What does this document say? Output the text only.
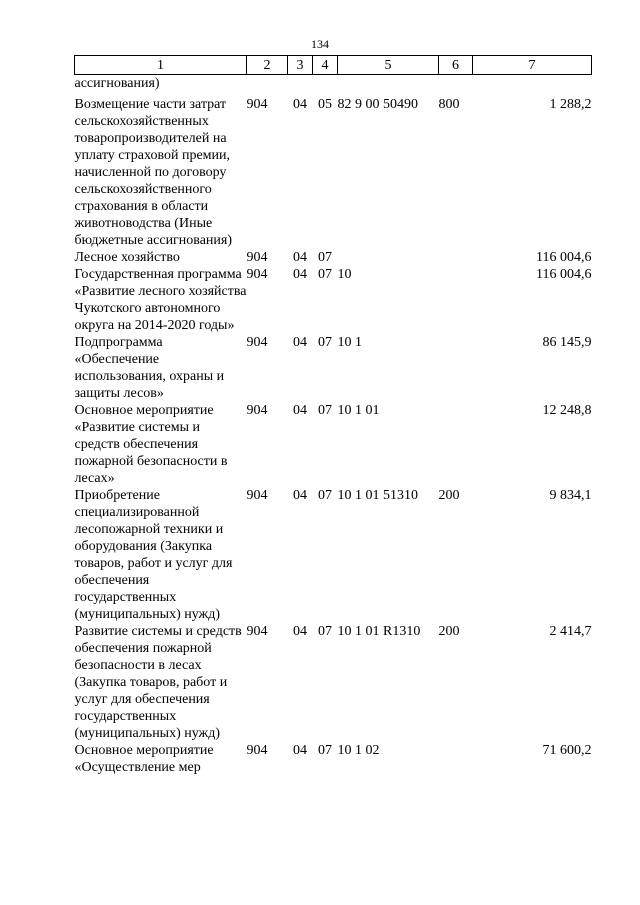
134
1	2	3	4	5	6	7
ассигнования)						
Возмещение части затрат сельскохозяйственных товаропроизводителей на уплату страховой премии, начисленной по договору сельскохозяйственного страхования в области животноводства (Иные бюджетные ассигнования)	904	04	05	82 9 00 50490	800	1 288,2
Лесное хозяйство	904	04	07			116 004,6
Государственная программа «Развитие лесного хозяйства Чукотского автономного округа на 2014-2020 годы»	904	04	07	10		116 004,6
Подпрограмма «Обеспечение использования, охраны и защиты лесов»	904	04	07	10 1		86 145,9
Основное мероприятие «Развитие системы и средств обеспечения пожарной безопасности в лесах»	904	04	07	10 1 01		12 248,8
Приобретение специализированной лесопожарной техники и оборудования (Закупка товаров, работ и услуг для обеспечения государственных (муниципальных) нужд)	904	04	07	10 1 01 51310	200	9 834,1
Развитие системы и средств обеспечения пожарной безопасности в лесах (Закупка товаров, работ и услуг для обеспечения государственных (муниципальных) нужд)	904	04	07	10 1 01 R1310	200	2 414,7
Основное мероприятие «Осуществление мер	904	04	07	10 1 02		71 600,2
